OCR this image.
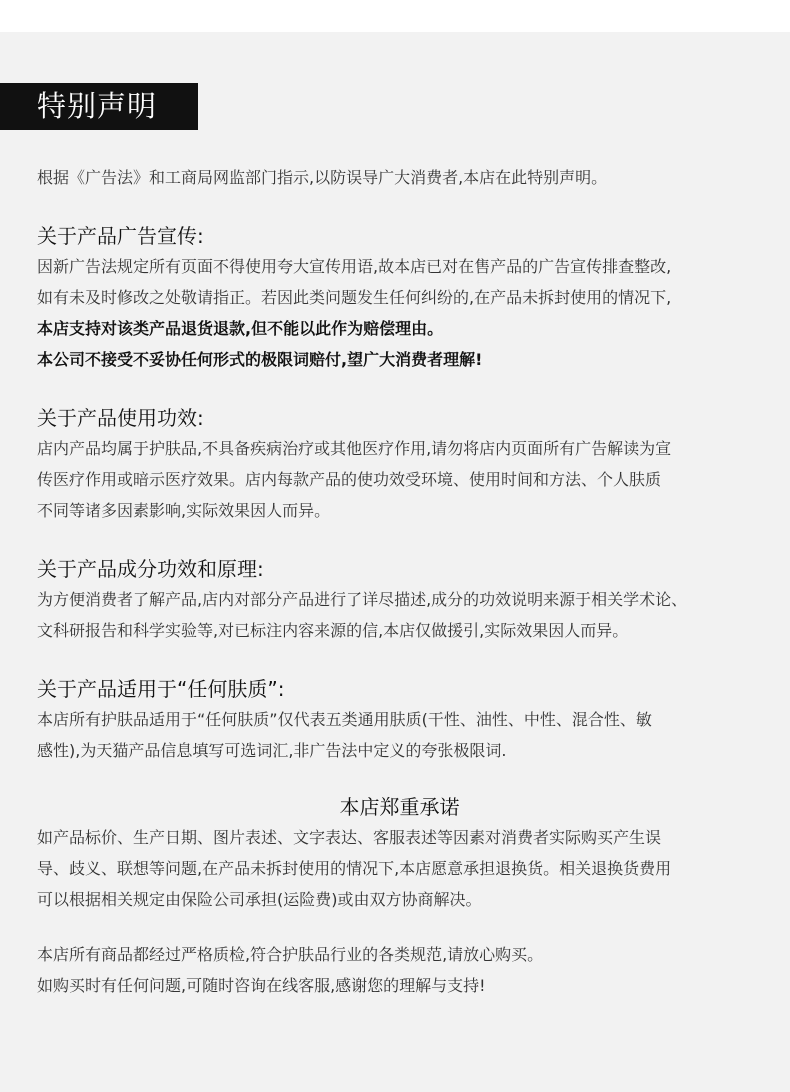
特别声明
根据《广告法》和工商局网监部门指示,以防误导广大消费者,本店在此特别声明。
关于产品广告宣传:
因新广告法规定所有页面不得使用夸大宣传用语,故本店已对在售产品的广告宣传排查整改,
如有未及时修改之处敬请指正。若因此类问题发生任何纠纷的,在产品未拆封使用的情况下,
本店支持对该类产品退货退款,但不能以此作为赔偿理由。
本公司不接受不妥协任何形式的极限词赔付,望广大消费者理解!
关于产品使用功效:
店内产品均属于护肤品,不具备疾病治疗或其他医疗作用,请勿将店内页面所有广告解读为宣
传医疗作用或暗示医疗效果。店内每款产品的使功效受环境、使用时间和方法、个人肤质
不同等诸多因素影响,实际效果因人而异。
关于产品成分功效和原理:
为方便消费者了解产品,店内对部分产品进行了详尽描述,成分的功效说明来源于相关学术论、
文科研报告和科学实验等,对已标注内容来源的信,本店仅做援引,实际效果因人而异。
关于产品适用于“任何肤质”:
本店所有护肤品适用于“任何肤质”仅代表五类通用肤质(干性、油性、中性、混合性、敏
感性),为天猫产品信息填写可选词汇,非广告法中定义的夸张极限词.
本店郑重承诺
如产品标价、生产日期、图片表述、文字表达、客服表述等因素对消费者实际购买产生误
导、歧义、联想等问题,在产品未拆封使用的情况下,本店愿意承担退换货。相关退换货费用
可以根据相关规定由保险公司承担(运险费)或由双方协商解决。
本店所有商品都经过严格质检,符合护肤品行业的各类规范,请放心购买。
如购买时有任何问题,可随时咨询在线客服,感谢您的理解与支持!
